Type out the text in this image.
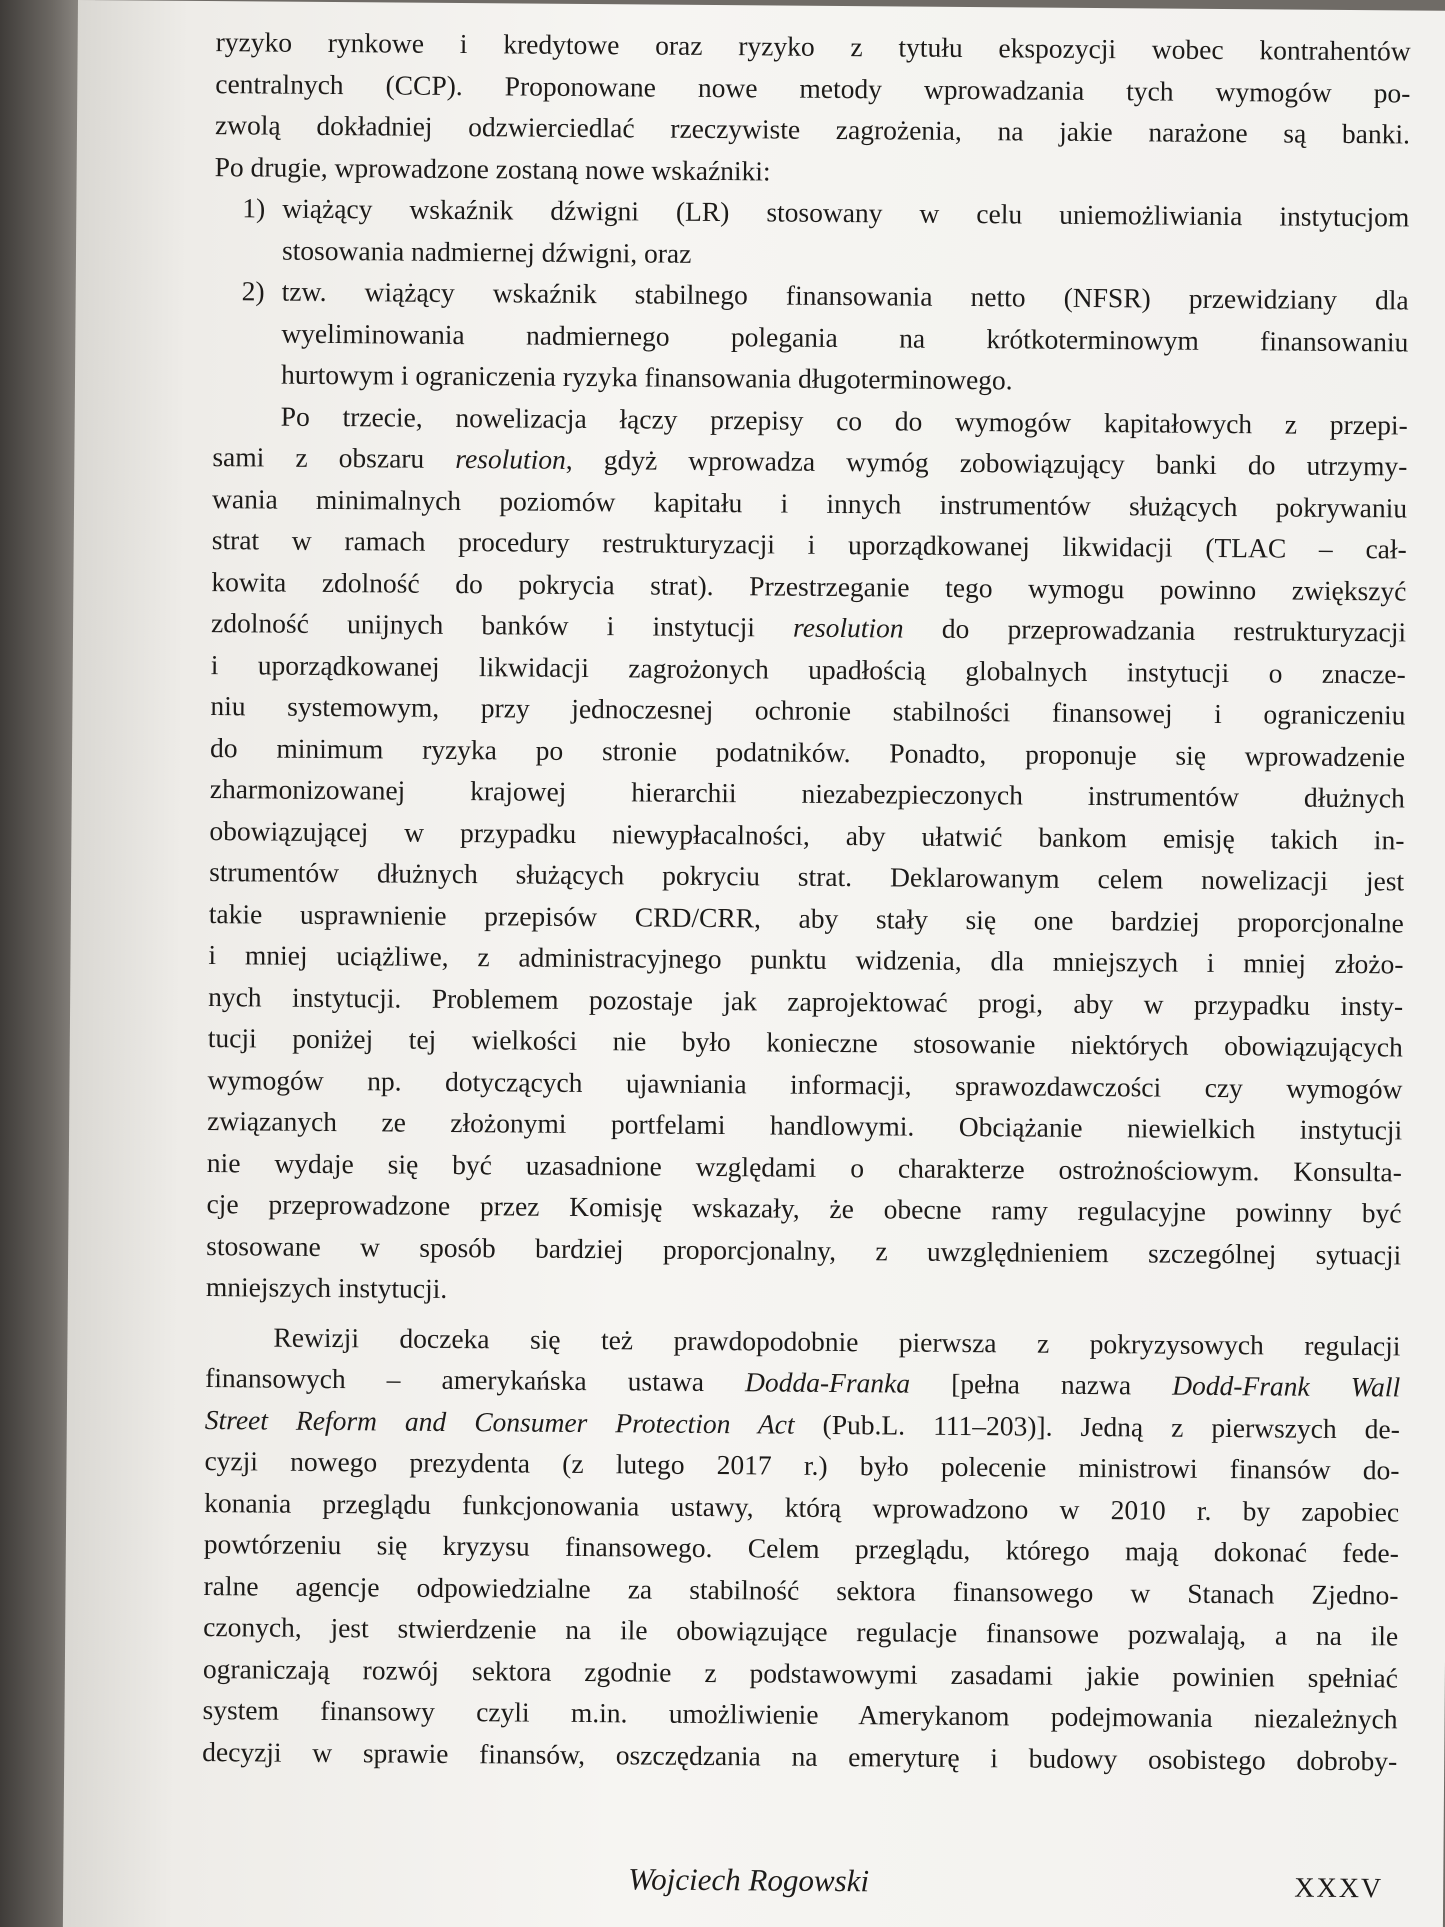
ryzyko rynkowe i kredytowe oraz ryzyko z tytułu ekspozycji wobec kontrahentów
centralnych (CCP). Proponowane nowe metody wprowadzania tych wymogów po-
zwolą dokładniej odzwierciedlać rzeczywiste zagrożenia, na jakie narażone są banki.
Po drugie, wprowadzone zostaną nowe wskaźniki:
1) wiążący wskaźnik dźwigni (LR) stosowany w celu uniemożliwiania instytucjom
stosowania nadmiernej dźwigni, oraz
2) tzw. wiążący wskaźnik stabilnego finansowania netto (NFSR) przewidziany dla
wyeliminowania nadmiernego polegania na krótkoterminowym finansowaniu
hurtowym i ograniczenia ryzyka finansowania długoterminowego.
Po trzecie, nowelizacja łączy przepisy co do wymogów kapitałowych z przepi-
sami z obszaru resolution, gdyż wprowadza wymóg zobowiązujący banki do utrzymy-
wania minimalnych poziomów kapitału i innych instrumentów służących pokrywaniu
strat w ramach procedury restrukturyzacji i uporządkowanej likwidacji (TLAC – cał-
kowita zdolność do pokrycia strat). Przestrzeganie tego wymogu powinno zwiększyć
zdolność unijnych banków i instytucji resolution do przeprowadzania restrukturyzacji
i uporządkowanej likwidacji zagrożonych upadłością globalnych instytucji o znacze-
niu systemowym, przy jednoczesnej ochronie stabilności finansowej i ograniczeniu
do minimum ryzyka po stronie podatników. Ponadto, proponuje się wprowadzenie
zharmonizowanej krajowej hierarchii niezabezpieczonych instrumentów dłużnych
obowiązującej w przypadku niewypłacalności, aby ułatwić bankom emisję takich in-
strumentów dłużnych służących pokryciu strat. Deklarowanym celem nowelizacji jest
takie usprawnienie przepisów CRD/CRR, aby stały się one bardziej proporcjonalne
i mniej uciążliwe, z administracyjnego punktu widzenia, dla mniejszych i mniej złożo-
nych instytucji. Problemem pozostaje jak zaprojektować progi, aby w przypadku insty-
tucji poniżej tej wielkości nie było konieczne stosowanie niektórych obowiązujących
wymogów np. dotyczących ujawniania informacji, sprawozdawczości czy wymogów
związanych ze złożonymi portfelami handlowymi. Obciążanie niewielkich instytucji
nie wydaje się być uzasadnione względami o charakterze ostrożnościowym. Konsulta-
cje przeprowadzone przez Komisję wskazały, że obecne ramy regulacyjne powinny być
stosowane w sposób bardziej proporcjonalny, z uwzględnieniem szczególnej sytuacji
mniejszych instytucji.
Rewizji doczeka się też prawdopodobnie pierwsza z pokryzysowych regulacji
finansowych – amerykańska ustawa Dodda-Franka [pełna nazwa Dodd-Frank Wall
Street Reform and Consumer Protection Act (Pub.L. 111–203)]. Jedną z pierwszych de-
cyzji nowego prezydenta (z lutego 2017 r.) było polecenie ministrowi finansów do-
konania przeglądu funkcjonowania ustawy, którą wprowadzono w 2010 r. by zapobiec
powtórzeniu się kryzysu finansowego. Celem przeglądu, którego mają dokonać fede-
ralne agencje odpowiedzialne za stabilność sektora finansowego w Stanach Zjedno-
czonych, jest stwierdzenie na ile obowiązujące regulacje finansowe pozwalają, a na ile
ograniczają rozwój sektora zgodnie z podstawowymi zasadami jakie powinien spełniać
system finansowy czyli m.in. umożliwienie Amerykanom podejmowania niezależnych
decyzji w sprawie finansów, oszczędzania na emeryturę i budowy osobistego dobroby-
Wojciech Rogowski	XXXV
